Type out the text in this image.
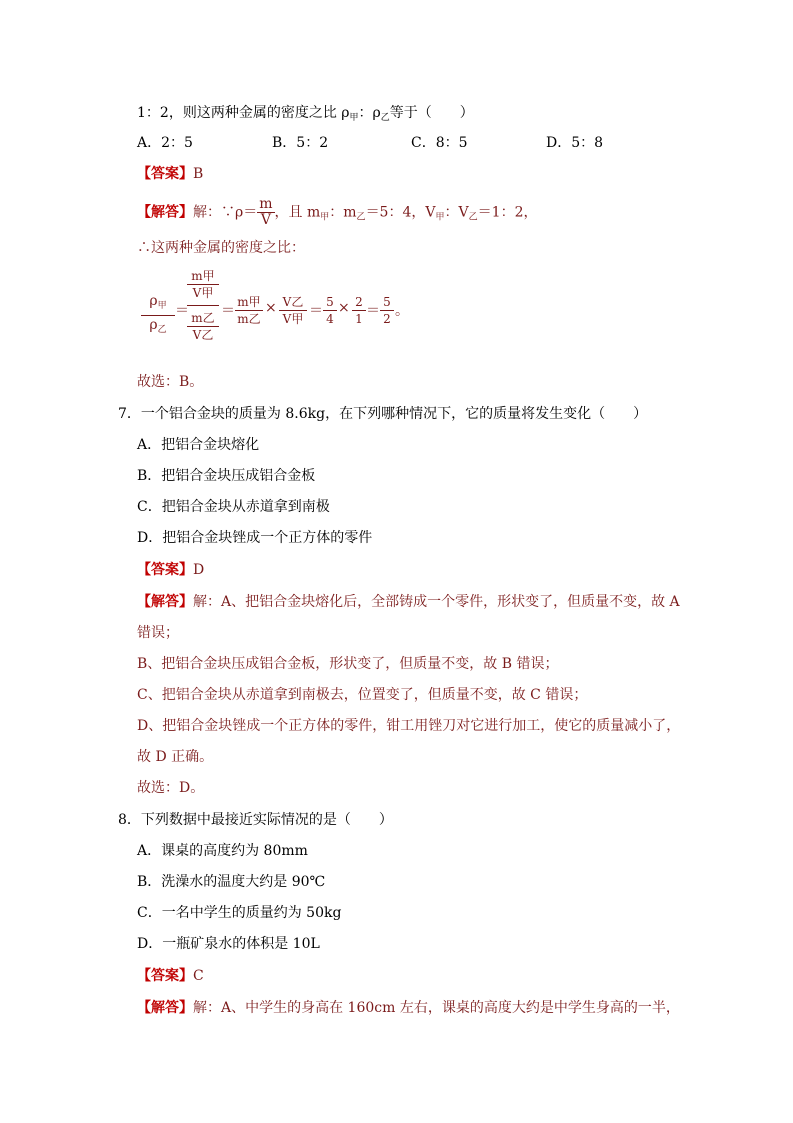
1：2，则这两种金属的密度之比 $\rho_甲$：$\rho_乙$等于（　　）
A．2：5	B．5：2	C．8：5	D．5：8
【答案】B
【解答】解：∵ρ＝ $\frac{m}{V}$ ，且 $m_甲$：$m_乙=5$：4，$V_甲$：$V_乙=1$：2，
∴这两种金属的密度之比：
$\rho_甲$
$\rho_乙$
＝
m甲
V甲
m乙
V乙
＝
m甲
m乙
× V乙
V甲 ＝
5
4
× 2
1 ＝
5
2 。
故选：B。
7．一个铝合金块的质量为 8.6kg，在下列哪种情况下，它的质量将发生变化（　　）
A．把铝合金块熔化
B．把铝合金块压成铝合金板
C．把铝合金块从赤道拿到南极
D．把铝合金块锉成一个正方体的零件
【答案】D
【解答】解：A、把铝合金块熔化后，全部铸成一个零件，形状变了，但质量不变，故 A
错误；
B、把铝合金块压成铝合金板，形状变了，但质量不变，故 B 错误；
C、把铝合金块从赤道拿到南极去，位置变了，但质量不变，故 C 错误；
D、把铝合金块锉成一个正方体的零件，钳工用锉刀对它进行加工，使它的质量减小了，
故 D 正确。
故选：D。
8．下列数据中最接近实际情况的是（　　）
A．课桌的高度约为 80mm
B．洗澡水的温度大约是 90℃
C．一名中学生的质量约为 50kg
D．一瓶矿泉水的体积是 10L
【答案】C
【解答】解：A、中学生的身高在 160cm 左右，课桌的高度大约是中学生身高的一半，
